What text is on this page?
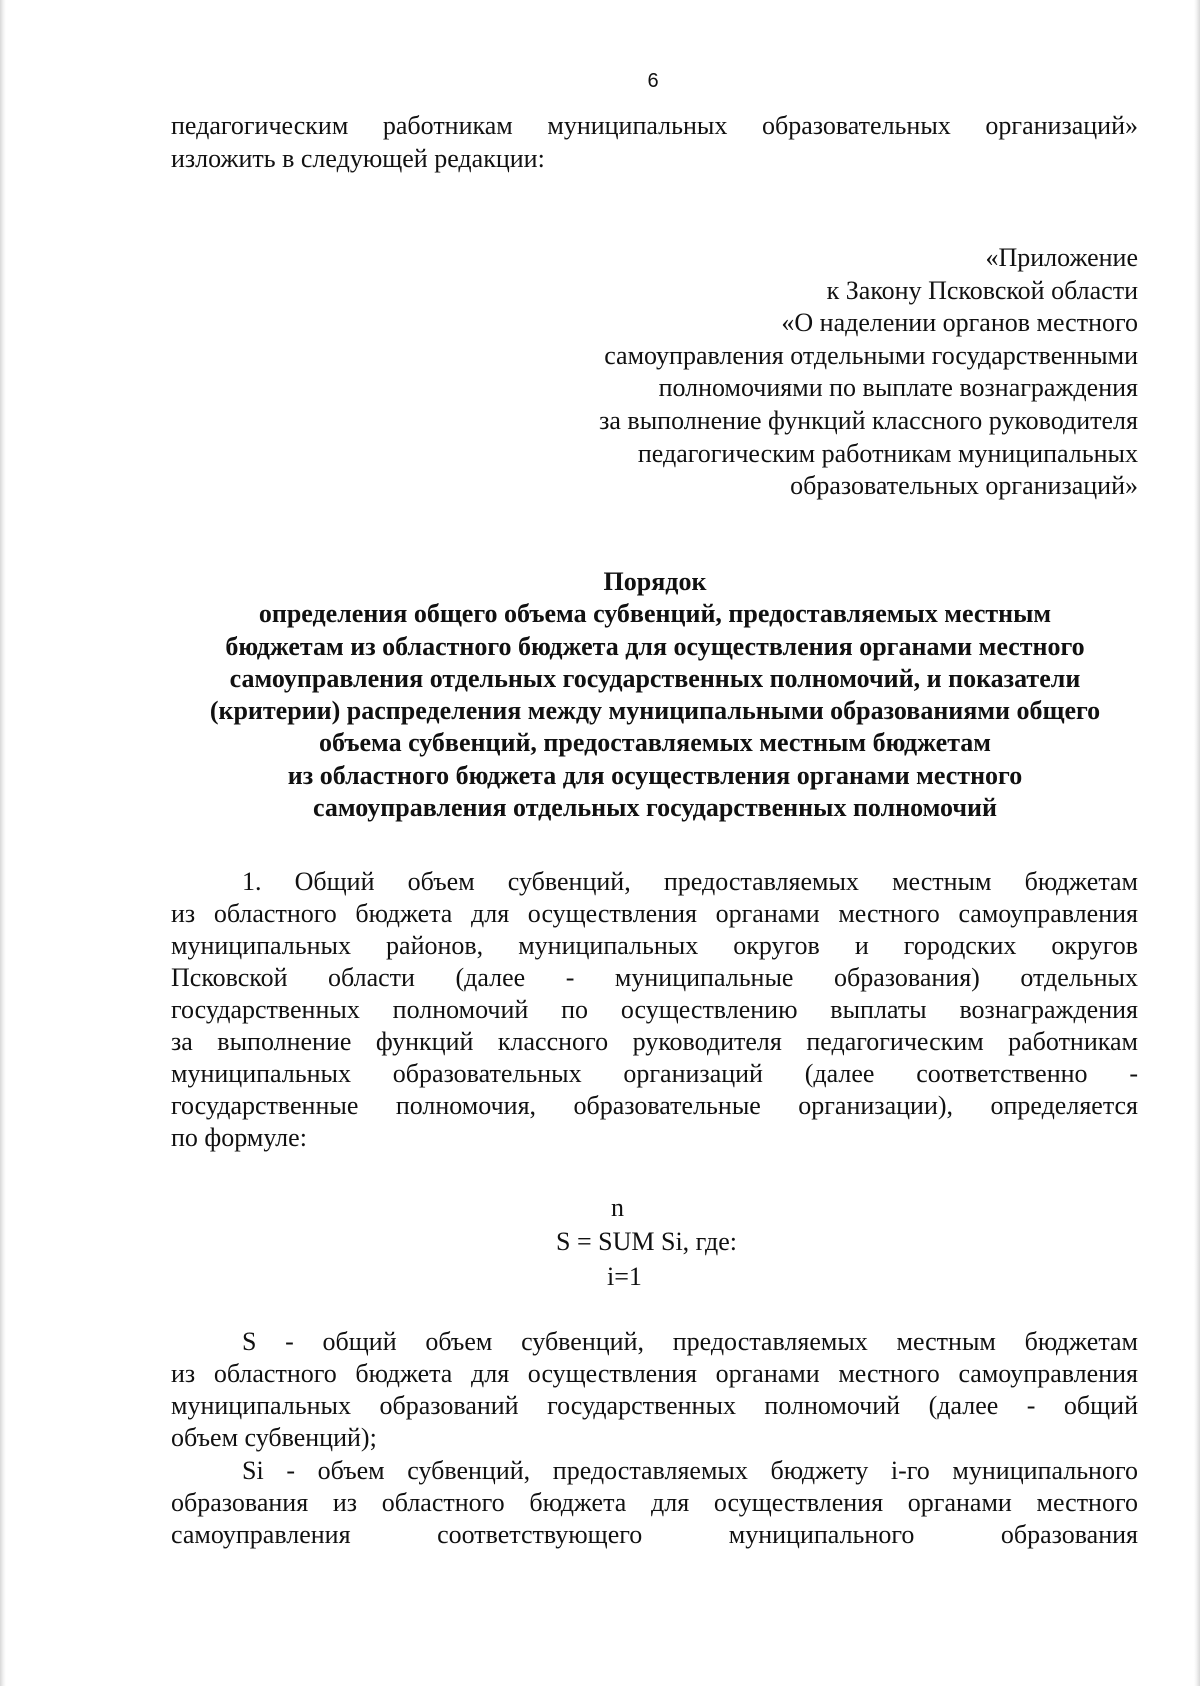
6
педагогическим работникам муниципальных образовательных организаций»
изложить в следующей редакции:
«Приложение
к Закону Псковской области
«О наделении органов местного
самоуправления отдельными государственными
полномочиями по выплате вознаграждения
за выполнение функций классного руководителя
педагогическим работникам муниципальных
образовательных организаций»
Порядок
определения общего объема субвенций, предоставляемых местным
бюджетам из областного бюджета для осуществления органами местного
самоуправления отдельных государственных полномочий, и показатели
(критерии) распределения между муниципальными образованиями общего
объема субвенций, предоставляемых местным бюджетам
из областного бюджета для осуществления органами местного
самоуправления отдельных государственных полномочий
1. Общий объем субвенций, предоставляемых местным бюджетам
из областного бюджета для осуществления органами местного самоуправления
муниципальных районов, муниципальных округов и городских округов
Псковской области (далее - муниципальные образования) отдельных
государственных полномочий по осуществлению выплаты вознаграждения
за выполнение функций классного руководителя педагогическим работникам
муниципальных образовательных организаций (далее соответственно -
государственные полномочия, образовательные организации), определяется
по формуле:
n
S = SUM Si, где:
i=1
S - общий объем субвенций, предоставляемых местным бюджетам
из областного бюджета для осуществления органами местного самоуправления
муниципальных образований государственных полномочий (далее - общий
объем субвенций);
Si - объем субвенций, предоставляемых бюджету i-го муниципального
образования из областного бюджета для осуществления органами местного
самоуправления соответствующего муниципального образования
